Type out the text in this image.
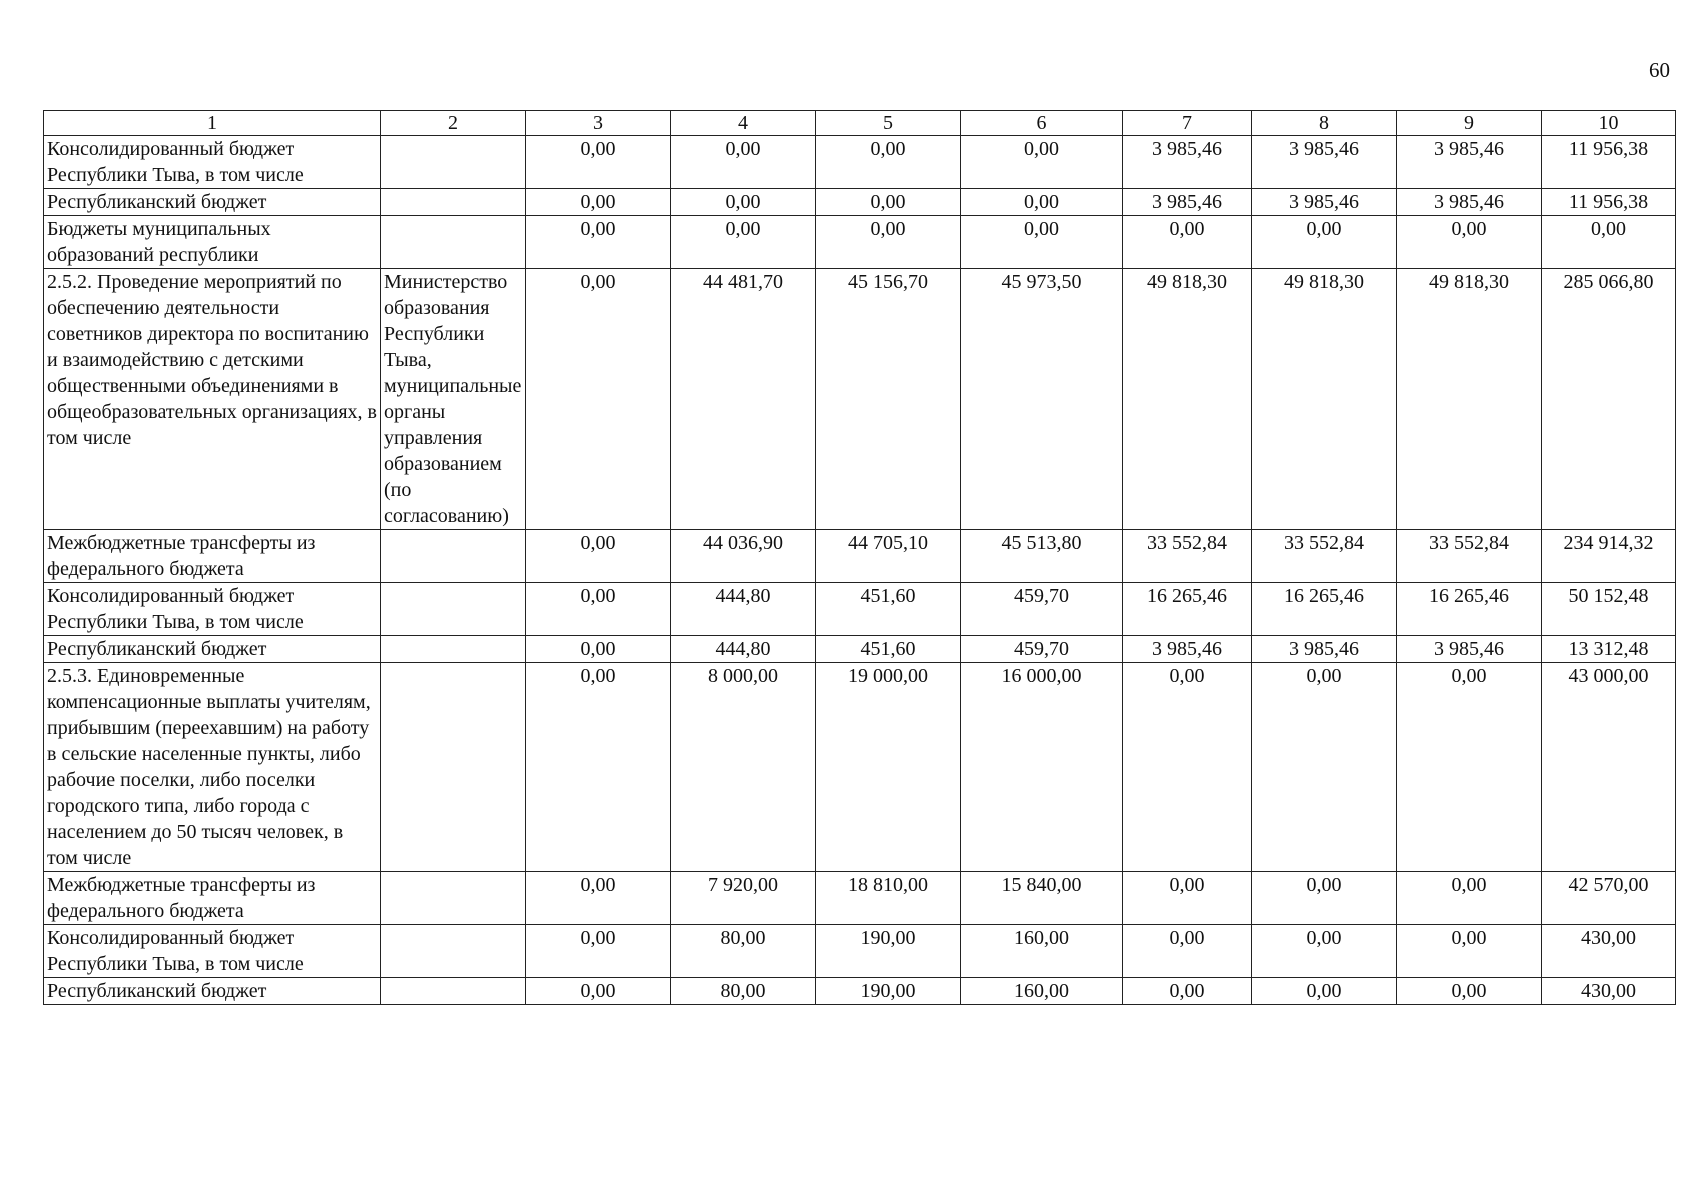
60
1	2	3	4	5	6	7	8	9	10
Консолидированный бюджет Республики Тыва, в том числе		0,00	0,00	0,00	0,00	3 985,46	3 985,46	3 985,46	11 956,38
Республиканский бюджет		0,00	0,00	0,00	0,00	3 985,46	3 985,46	3 985,46	11 956,38
Бюджеты муниципальных образований республики		0,00	0,00	0,00	0,00	0,00	0,00	0,00	0,00
2.5.2. Проведение мероприятий по обеспечению деятельности советников директора по воспитанию и взаимодействию с детскими общественными объединениями в общеобразовательных организациях, в том числе	Министерство образования Республики Тыва, муниципальные органы управления образованием (по согласованию)	0,00	44 481,70	45 156,70	45 973,50	49 818,30	49 818,30	49 818,30	285 066,80
Межбюджетные трансферты из федерального бюджета		0,00	44 036,90	44 705,10	45 513,80	33 552,84	33 552,84	33 552,84	234 914,32
Консолидированный бюджет Республики Тыва, в том числе		0,00	444,80	451,60	459,70	16 265,46	16 265,46	16 265,46	50 152,48
Республиканский бюджет		0,00	444,80	451,60	459,70	3 985,46	3 985,46	3 985,46	13 312,48
2.5.3. Единовременные компенсационные выплаты учителям, прибывшим (переехавшим) на работу в сельские населенные пункты, либо рабочие поселки, либо поселки городского типа, либо города с населением до 50 тысяч человек, в том числе		0,00	8 000,00	19 000,00	16 000,00	0,00	0,00	0,00	43 000,00
Межбюджетные трансферты из федерального бюджета		0,00	7 920,00	18 810,00	15 840,00	0,00	0,00	0,00	42 570,00
Консолидированный бюджет Республики Тыва, в том числе		0,00	80,00	190,00	160,00	0,00	0,00	0,00	430,00
Республиканский бюджет		0,00	80,00	190,00	160,00	0,00	0,00	0,00	430,00
